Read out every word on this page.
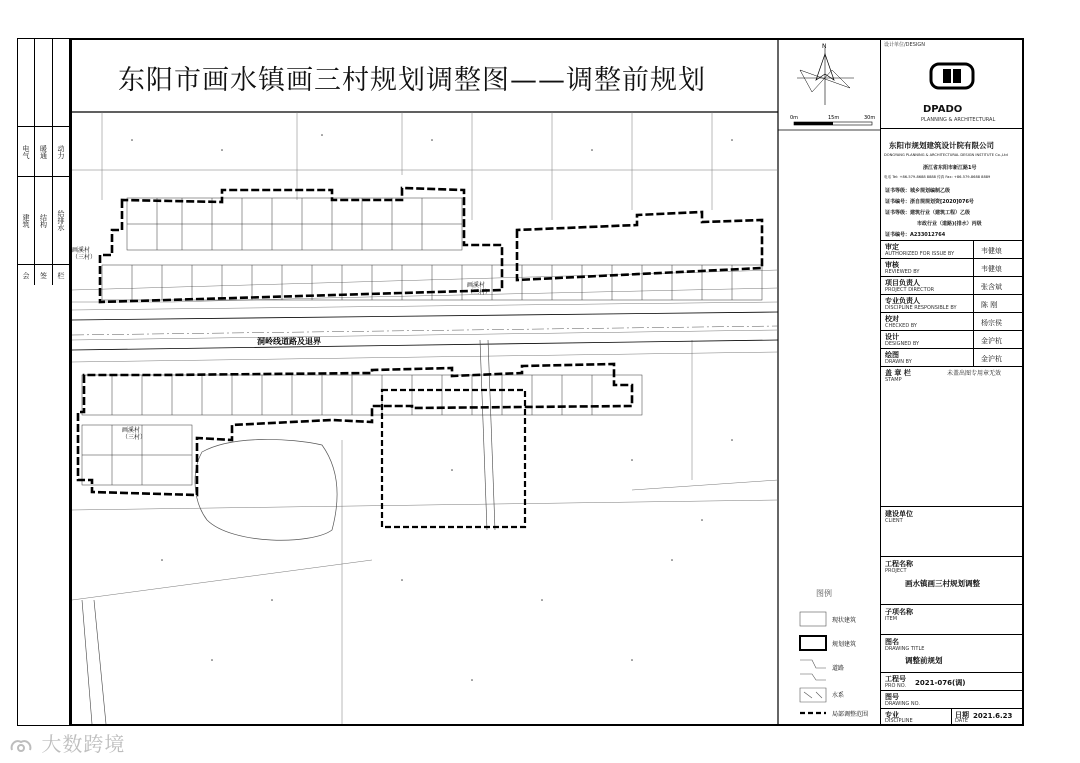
电气	暖通	动力
建筑	结构	给排水
会	签	栏
东阳市画水镇画三村规划调整图——调整前规划
洞岭线道路及退界
画溪村（三村）
画溪村（三村）
画溪村（三村）
N
0m	15m	30m
图例
现状建筑
规划建筑
道路
水系
局部调整范围
设计单位/DESIGN
DPADO
PLANNING & ARCHITECTURAL
东阳市规划建筑设计院有限公司
DONGYANG PLANNING & ARCHITECTURAL DESIGN INSTITUTE Co.,Ltd
浙江省东阳市新江路1号
电话 Tel: +86-579-8688 8888 传真 Fax: +86-579-8688 8889
证书等级：城乡规划编制乙级
证书编号：浙自规规划资[2020]076号
证书等级：建筑行业（建筑工程）乙级
市政行业（道路)(排水）丙级
证书编号：A233012764
审定
AUTHORIZED FOR ISSUE BY	韦健烺
审核
REVIEWED BY	韦健烺
项目负责人
PROJECT DIRECTOR	张含斌
专业负责人
DISCIPLINE RESPONSIBLE BY	陈 刚
校对
CHECKED BY	杨宗侯
设计
DESIGNED BY	金沪杭
绘图
DRAWN BY	金沪杭
盖 章 栏
STAMP
未盖出图专用章无效
建设单位
CLIENT
工程名称
PROJECT
画水镇画三村规划调整
子项名称
ITEM
图名
DRAWING TITLE
调整前规划
工程号
PRO NO. 2021-076(调)
图号
DRAWING NO.
专业
DISCIPLINE
日期
DATE
2021.6.23
大数跨境
